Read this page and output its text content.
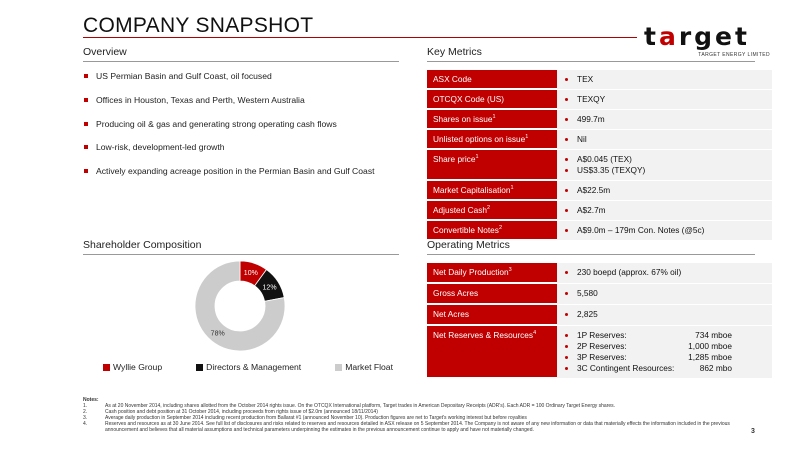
COMPANY SNAPSHOT	target
TARGET ENERGY LIMITED
Overview
US Permian Basin and Gulf Coast, oil focused
Offices in Houston, Texas and Perth, Western Australia
Producing oil & gas and generating strong operating cash flows
Low-risk, development-led growth
Actively expanding acreage position in the Permian Basin and Gulf Coast
Key Metrics
ASX Code	TEX

OTCQX Code (US)	TEXQY

Shares on issue$^1$	499.7m

Unlisted options on issue$^1$	Nil

Share price$^1$	A$0.045 (TEX)
US$3.35 (TEXQY)

Market Capitalisation$^1$	A$22.5m

Adjusted Cash$^2$	A$2.7m

Convertible Notes$^2$	A$9.0m – 179m Con. Notes (@5c)
Shareholder Composition
10%
12%
78%
Wyllie Group	Directors & Management	Market Float
Operating Metrics
Net Daily Production$^3$	230 boepd (approx. 67% oil)

Gross Acres	5,580

Net Acres	2,825

Net Reserves & Resources$^4$	1P Reserves: 734 mboe
2P Reserves: 1,000 mboe
3P Reserves: 1,285 mboe
3C Contingent Resources: 862 mbo
Notes:
1.	As at 20 November 2014, including shares allotted from the October 2014 rights issue. On the OTCQX International platform, Target trades in American Depositary Receipts (ADR's). Each ADR = 100 Ordinary Target Energy shares.
2.	Cash position and debt position at 31 October 2014, including proceeds from rights issue of $2.0m (announced 18/11/2014)
3.	Average daily production in September 2014 including recent production from Ballarat #1 (announced November 10). Production figures are net to Target's working interest but before royalties
4.	Reserves and resources as at 30 June 2014. See full list of disclosures and risks related to reserves and resources detailed in ASX release on 5 September 2014. The Company is not aware of any new information or data that materially effects the information included in the previous announcement and believes that all material assumptions and technical parameters underpinning the estimates in the previous announcement continue to apply and have not materially changed.	3
